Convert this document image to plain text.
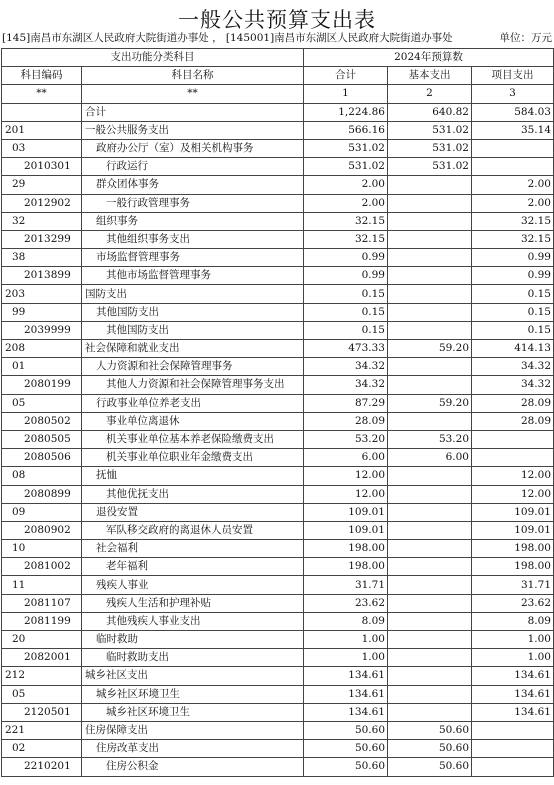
一般公共预算支出表
[145]南昌市东湖区人民政府大院街道办事处 ， [145001]南昌市东湖区人民政府大院街道办事处	单位：万元
支出功能分类科目		2024年预算数		
科目编码	科目名称	合计	基本支出	项目支出
**	**	1	2	3
	合计	1,224.86	640.82	584.03
201	一般公共服务支出	566.16	531.02	35.14
03	政府办公厅（室）及相关机构事务	531.02	531.02	
2010301	行政运行	531.02	531.02	
29	群众团体事务	2.00		2.00
2012902	一般行政管理事务	2.00		2.00
32	组织事务	32.15		32.15
2013299	其他组织事务支出	32.15		32.15
38	市场监督管理事务	0.99		0.99
2013899	其他市场监督管理事务	0.99		0.99
203	国防支出	0.15		0.15
99	其他国防支出	0.15		0.15
2039999	其他国防支出	0.15		0.15
208	社会保障和就业支出	473.33	59.20	414.13
01	人力资源和社会保障管理事务	34.32		34.32
2080199	其他人力资源和社会保障管理事务支出	34.32		34.32
05	行政事业单位养老支出	87.29	59.20	28.09
2080502	事业单位离退休	28.09		28.09
2080505	机关事业单位基本养老保险缴费支出	53.20	53.20	
2080506	机关事业单位职业年金缴费支出	6.00	6.00	
08	抚恤	12.00		12.00
2080899	其他优抚支出	12.00		12.00
09	退役安置	109.01		109.01
2080902	军队移交政府的离退休人员安置	109.01		109.01
10	社会福利	198.00		198.00
2081002	老年福利	198.00		198.00
11	残疾人事业	31.71		31.71
2081107	残疾人生活和护理补贴	23.62		23.62
2081199	其他残疾人事业支出	8.09		8.09
20	临时救助	1.00		1.00
2082001	临时救助支出	1.00		1.00
212	城乡社区支出	134.61		134.61
05	城乡社区环境卫生	134.61		134.61
2120501	城乡社区环境卫生	134.61		134.61
221	住房保障支出	50.60	50.60	
02	住房改革支出	50.60	50.60	
2210201	住房公积金	50.60	50.60	
